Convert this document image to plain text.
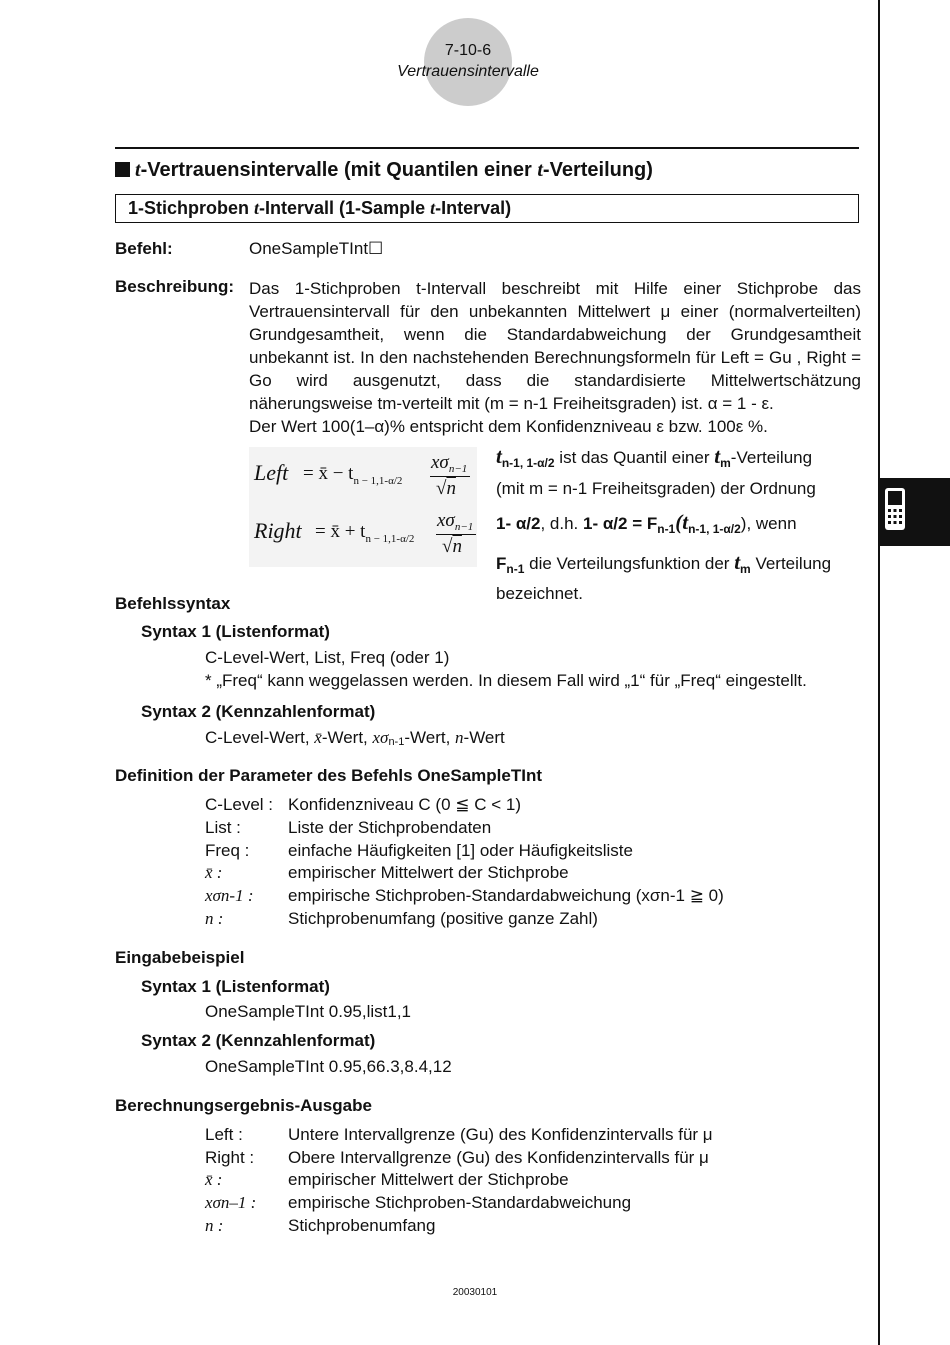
7-10-6
Vertrauensintervalle
t-Vertrauensintervalle (mit Quantilen einer t-Verteilung)
1-Stichproben t-Intervall (1-Sample t-Interval)
Befehl:	OneSampleTInt☐
Beschreibung: Das 1-Stichproben t-Intervall beschreibt mit Hilfe einer Stichprobe das Vertrauensintervall für den unbekannten Mittelwert μ einer (normalverteilten) Grundgesamtheit, wenn die Standardabweichung der Grundgesamtheit unbekannt ist. In den nachstehenden Berechnungsformeln für Left = Gu , Right = Go wird ausgenutzt, dass die standardisierte Mittelwertschätzung näherungsweise tm-verteilt mit (m = n-1 Freiheitsgraden) ist. α = 1 - ε.

Der Wert 100(1–α)% entspricht dem Konfidenzniveau ε bzw. 100ε %.

Left = x̄ − $t_{n - 1,1-\alpha/2}$
$x\sigma_{n-1}$
√n
Right = x̄ + $t_{n - 1,1-\alpha/2}$
$x\sigma_{n-1}$
√n

$t_{n-1, 1-\alpha/2}$ ist das Quantil einer $t_m$-Verteilung

(mit m = n-1 Freiheitsgraden) der Ordnung

1- α/2, d.h. 1- $\alpha/2 = F_{n-1}(t_{n-1, 1-\alpha/2})$, wenn

$F_{n-1}$ die Verteilungsfunktion der $t_m$ Verteilung

bezeichnet.

Befehlssyntax
Syntax 1 (Listenformat)
C-Level-Wert, List, Freq (oder 1)
* „Freq“ kann weggelassen werden. In diesem Fall wird „1“ für „Freq“ eingestellt.
Syntax 2 (Kennzahlenformat)
C-Level-Wert, x̄-Wert, xσn-1-Wert, n-Wert
Definition der Parameter des Befehls OneSampleTInt
C-Level : Konfidenzniveau C (0 ≦ C < 1)
List :	Liste der Stichprobendaten
Freq : einfache Häufigkeiten [1] oder Häufigkeitsliste
x̄ :	empirischer Mittelwert der Stichprobe
xσn-1 : empirische Stichproben-Standardabweichung (xσn-1 ≧ 0)
n :	Stichprobenumfang (positive ganze Zahl)
Eingabebeispiel
Syntax 1 (Listenformat)
OneSampleTInt 0.95,list1,1
Syntax 2 (Kennzahlenformat)
OneSampleTInt 0.95,66.3,8.4,12
Berechnungsergebnis-Ausgabe
Left :	Untere Intervallgrenze (Gu) des Konfidenzintervalls für μ
Right : Obere Intervallgrenze (Gu) des Konfidenzintervalls für μ
x̄ :	empirischer Mittelwert der Stichprobe
xσn–1 : empirische Stichproben-Standardabweichung
n :	Stichprobenumfang
20030101
